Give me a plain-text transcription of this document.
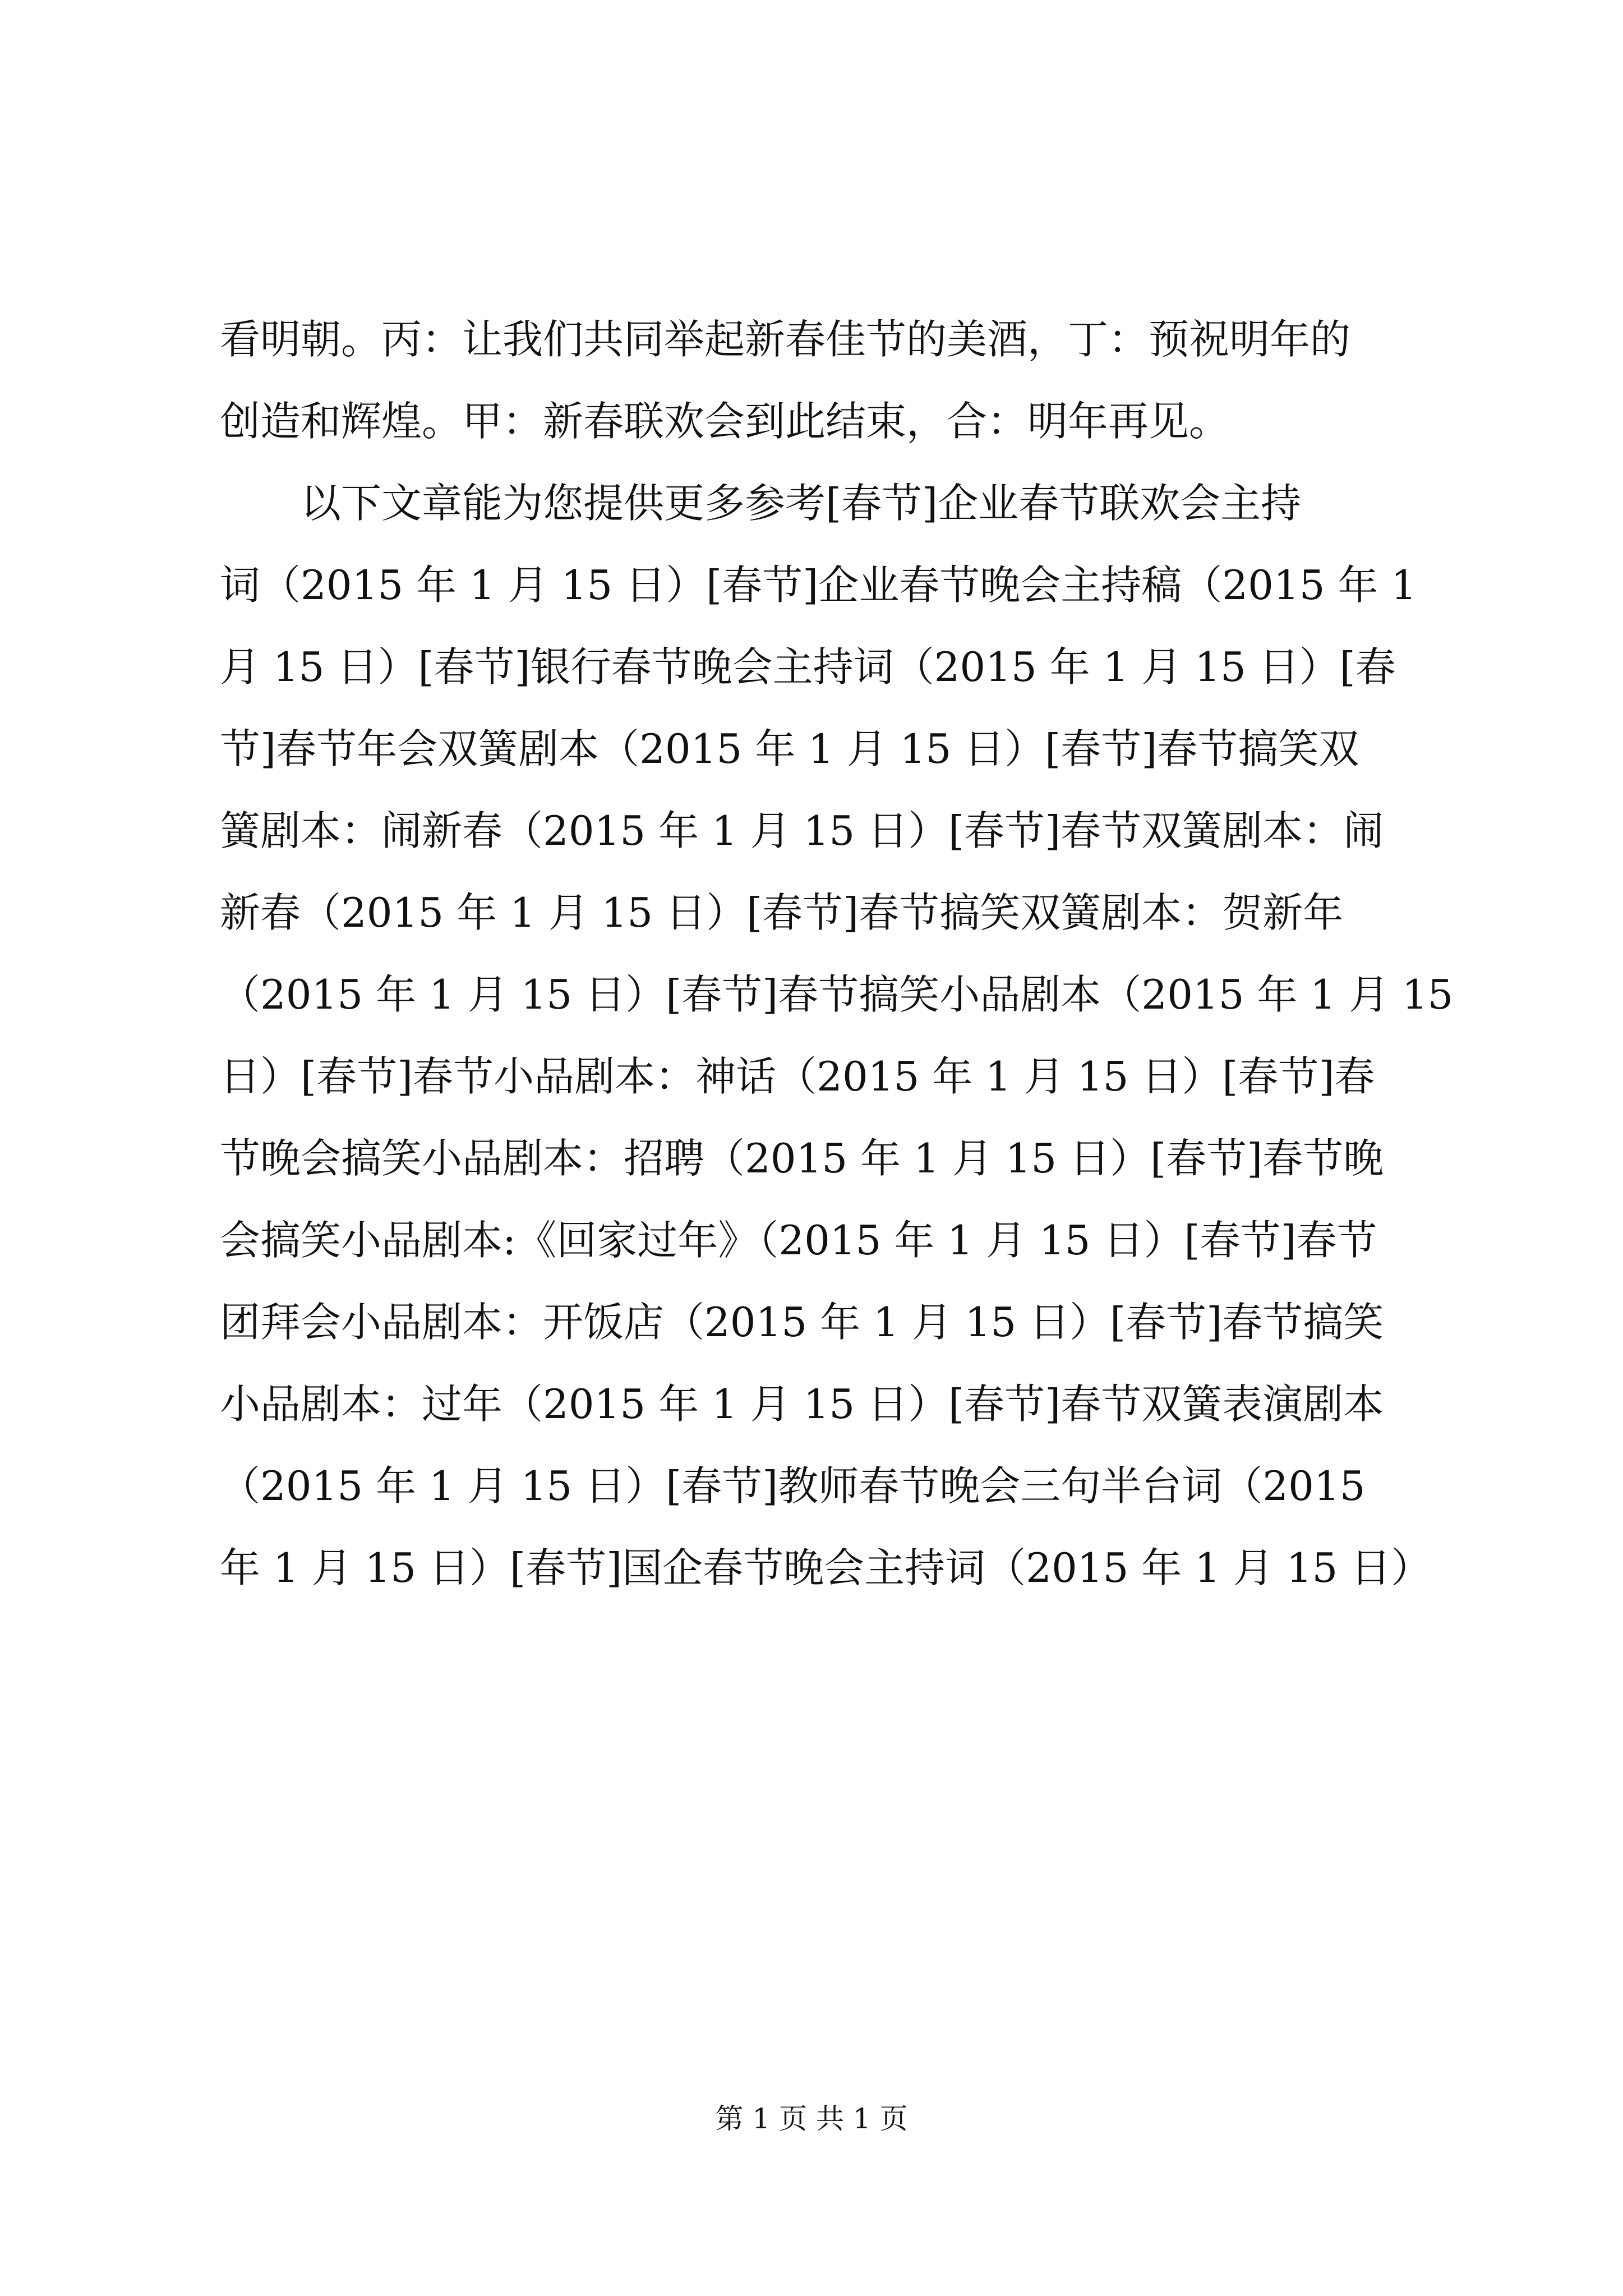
看明朝。丙：让我们共同举起新春佳节的美酒，丁：预祝明年的
创造和辉煌。甲：新春联欢会到此结束，合：明年再见。
　　以下文章能为您提供更多参考[春节]企业春节联欢会主持
词（2015 年 1 月 15 日）[春节]企业春节晚会主持稿（2015 年 1
月 15 日）[春节]银行春节晚会主持词（2015 年 1 月 15 日）[春
节]春节年会双簧剧本（2015 年 1 月 15 日）[春节]春节搞笑双
簧剧本：闹新春（2015 年 1 月 15 日）[春节]春节双簧剧本：闹
新春（2015 年 1 月 15 日）[春节]春节搞笑双簧剧本：贺新年
（2015 年 1 月 15 日）[春节]春节搞笑小品剧本（2015 年 1 月 15
日）[春节]春节小品剧本：神话（2015 年 1 月 15 日）[春节]春
节晚会搞笑小品剧本：招聘（2015 年 1 月 15 日）[春节]春节晚
会搞笑小品剧本:《回家过年》（2015 年 1 月 15 日）[春节]春节
团拜会小品剧本：开饭店（2015 年 1 月 15 日）[春节]春节搞笑
小品剧本：过年（2015 年 1 月 15 日）[春节]春节双簧表演剧本
（2015 年 1 月 15 日）[春节]教师春节晚会三句半台词（2015
年 1 月 15 日）[春节]国企春节晚会主持词（2015 年 1 月 15 日）
第 1 页 共 1 页
